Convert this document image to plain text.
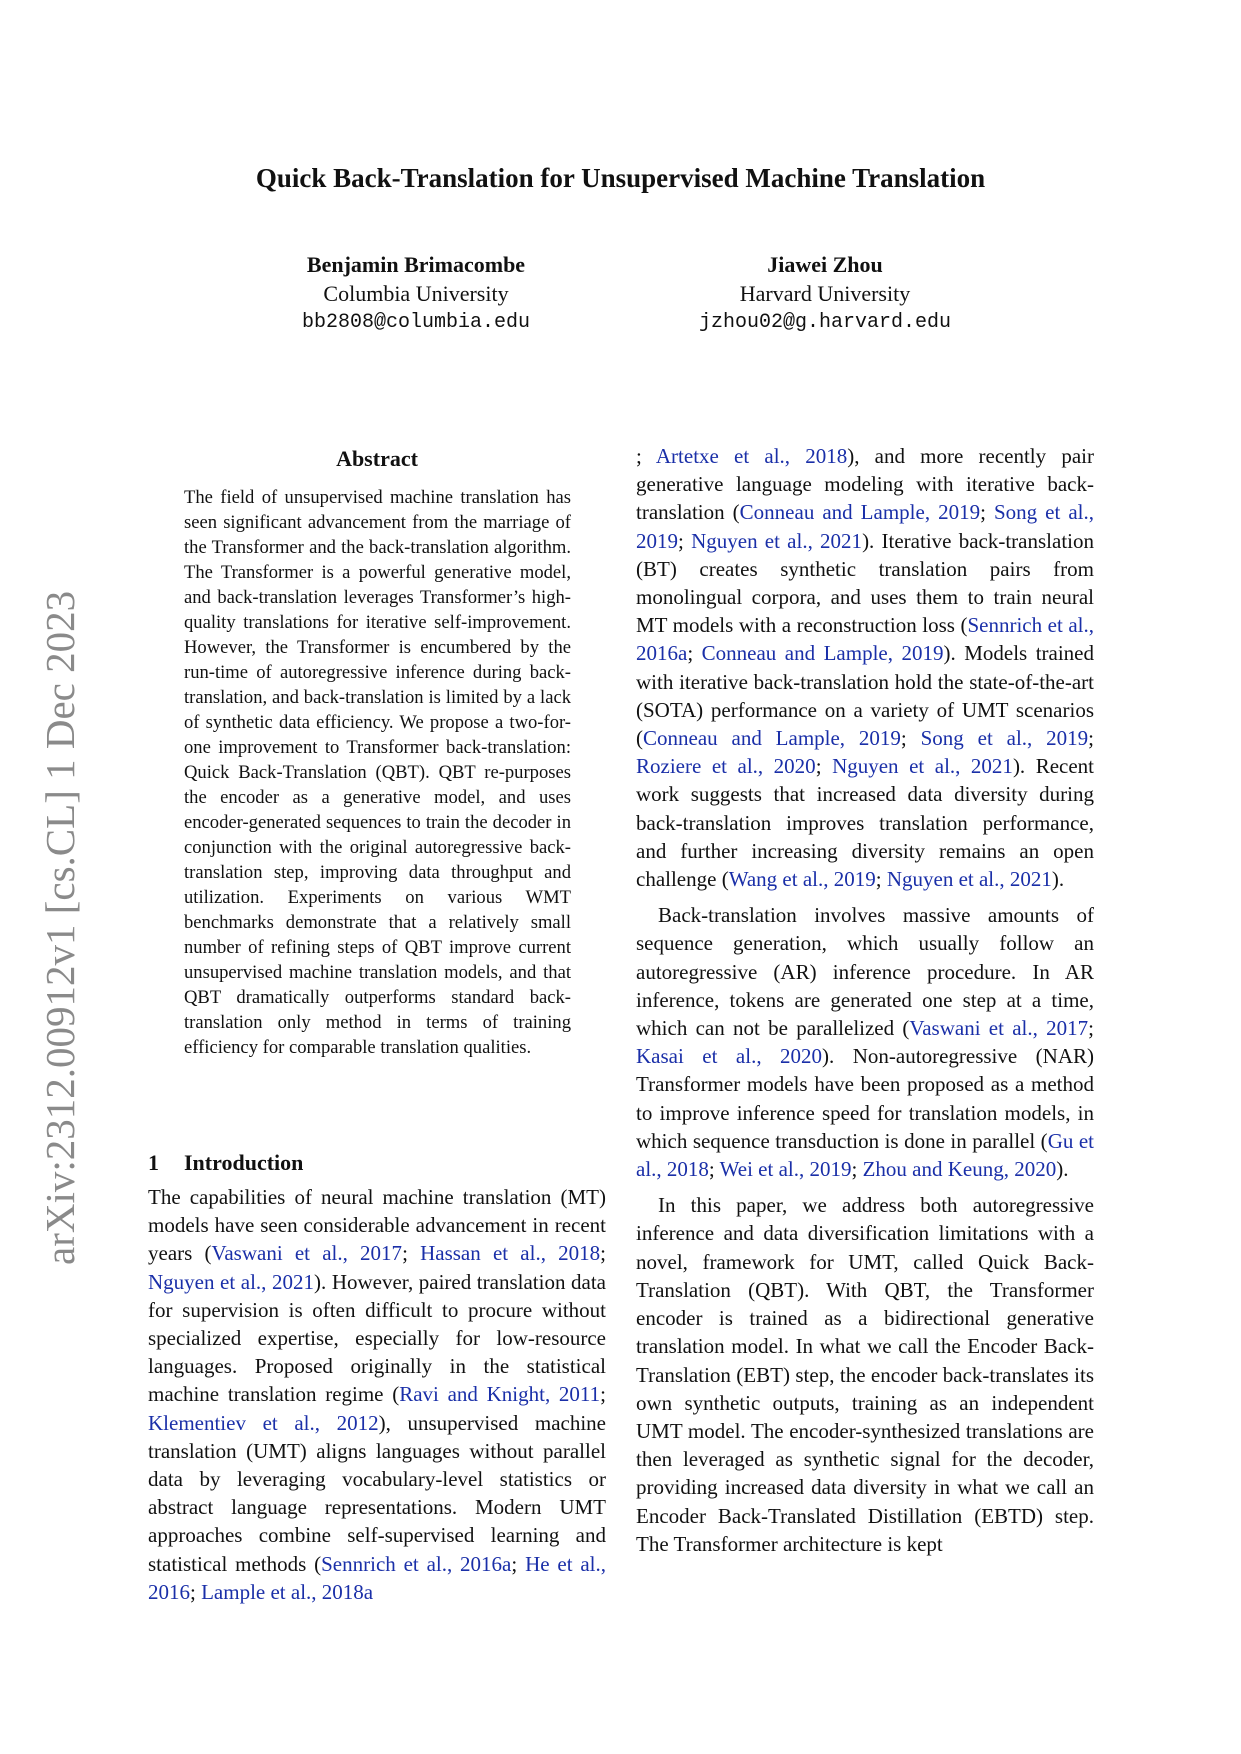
Quick Back-Translation for Unsupervised Machine Translation
Benjamin Brimacombe
Columbia University
bb2808@columbia.edu
Jiawei Zhou
Harvard University
jzhou02@g.harvard.edu
arXiv:2312.00912v1 [cs.CL] 1 Dec 2023
Abstract

The field of unsupervised machine translation has seen significant advancement from the marriage of the Transformer and the back-translation algorithm. The Transformer is a powerful generative model, and back-translation leverages Transformer’s high-quality translations for iterative self-improvement. However, the Transformer is encumbered by the run-time of autoregressive inference during back-translation, and back-translation is limited by a lack of synthetic data efficiency. We propose a two-for-one improvement to Transformer back-translation: Quick Back-Translation (QBT). QBT re-purposes the encoder as a generative model, and uses encoder-generated sequences to train the decoder in conjunction with the original autoregressive back-translation step, improving data throughput and utilization. Experiments on various WMT benchmarks demonstrate that a relatively small number of refining steps of QBT improve current unsupervised machine translation models, and that QBT dramatically outperforms standard back-translation only method in terms of training efficiency for comparable translation qualities.

1 Introduction

The capabilities of neural machine translation (MT) models have seen considerable advancement in recent years (Vaswani et al., 2017; Hassan et al., 2018; Nguyen et al., 2021). However, paired translation data for supervision is often difficult to procure without specialized expertise, especially for low-resource languages. Proposed originally in the statistical machine translation regime (Ravi and Knight, 2011; Klementiev et al., 2012), unsupervised machine translation (UMT) aligns languages without parallel data by leveraging vocabulary-level statistics or abstract language representations. Modern UMT approaches combine self-supervised learning and statistical methods (Sennrich et al., 2016a; He et al., 2016; Lample et al., 2018a

; Artetxe et al., 2018), and more recently pair generative language modeling with iterative back-translation (Conneau and Lample, 2019; Song et al., 2019; Nguyen et al., 2021). Iterative back-translation (BT) creates synthetic translation pairs from monolingual corpora, and uses them to train neural MT models with a reconstruction loss (Sennrich et al., 2016a; Conneau and Lample, 2019). Models trained with iterative back-translation hold the state-of-the-art (SOTA) performance on a variety of UMT scenarios (Conneau and Lample, 2019; Song et al., 2019; Roziere et al., 2020; Nguyen et al., 2021). Recent work suggests that increased data diversity during back-translation improves translation performance, and further increasing diversity remains an open challenge (Wang et al., 2019; Nguyen et al., 2021).

Back-translation involves massive amounts of sequence generation, which usually follow an autoregressive (AR) inference procedure. In AR inference, tokens are generated one step at a time, which can not be parallelized (Vaswani et al., 2017; Kasai et al., 2020). Non-autoregressive (NAR) Transformer models have been proposed as a method to improve inference speed for translation models, in which sequence transduction is done in parallel (Gu et al., 2018; Wei et al., 2019; Zhou and Keung, 2020).

In this paper, we address both autoregressive inference and data diversification limitations with a novel, framework for UMT, called Quick Back-Translation (QBT). With QBT, the Transformer encoder is trained as a bidirectional generative translation model. In what we call the Encoder Back-Translation (EBT) step, the encoder back-translates its own synthetic outputs, training as an independent UMT model. The encoder-synthesized translations are then leveraged as synthetic signal for the decoder, providing increased data diversity in what we call an Encoder Back-Translated Distillation (EBTD) step. The Transformer architecture is kept
